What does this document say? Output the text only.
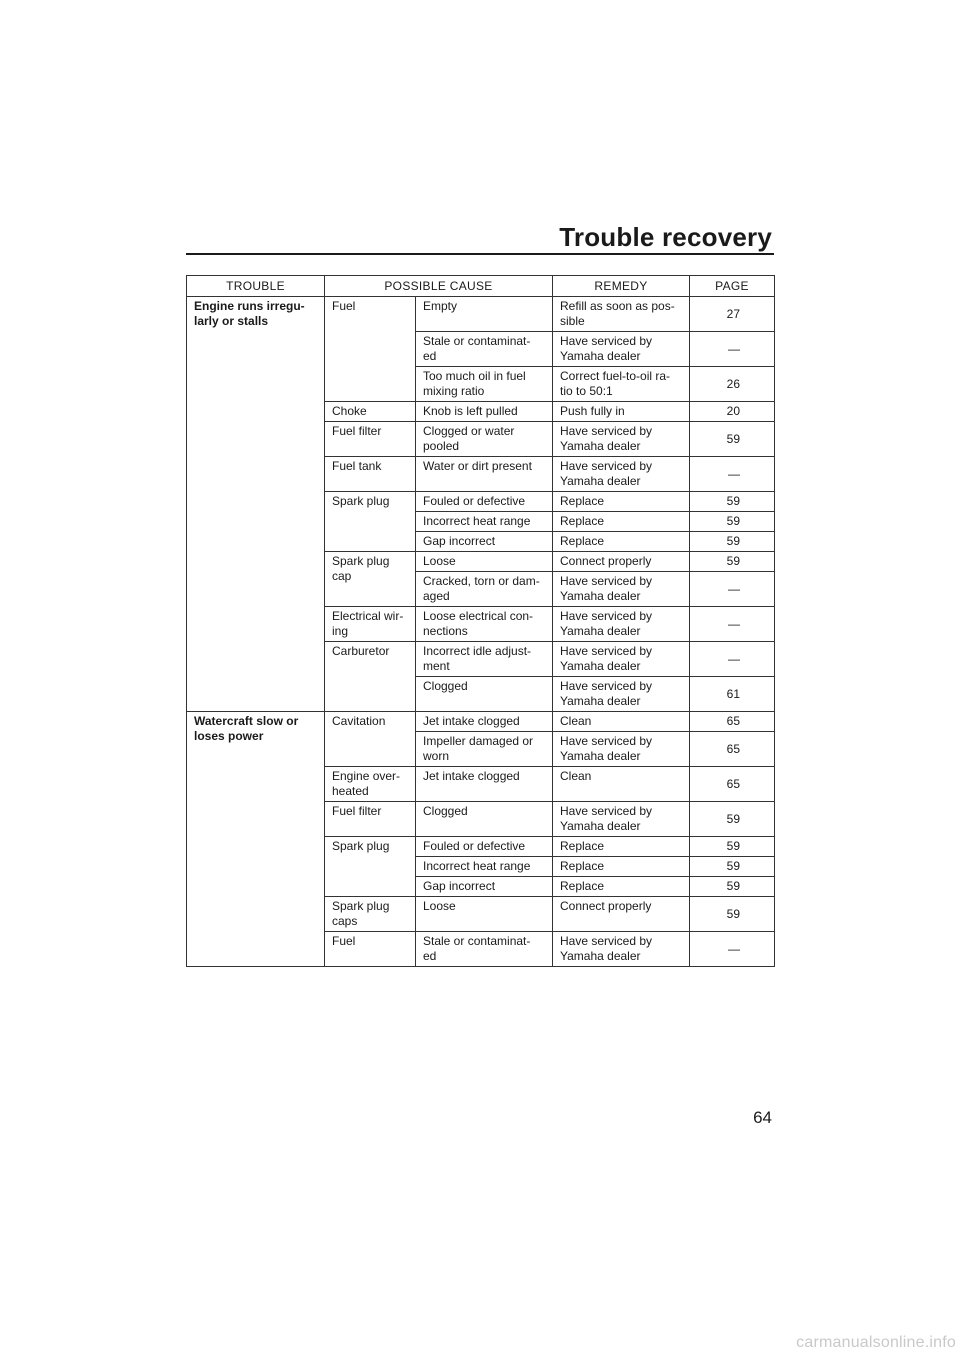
Trouble recovery
TROUBLE	POSSIBLE CAUSE		REMEDY	PAGE
Engine runs irregu- larly or stalls	Fuel	Empty	Refill as soon as pos- sible	27
		Stale or contaminat- ed	Have serviced by Yamaha dealer	—
		Too much oil in fuel mixing ratio	Correct fuel-to-oil ra- tio to 50:1	26
	Choke	Knob is left pulled	Push fully in	20
	Fuel filter	Clogged or water pooled	Have serviced by Yamaha dealer	59
	Fuel tank	Water or dirt present	Have serviced by Yamaha dealer	—
	Spark plug	Fouled or defective	Replace	59
		Incorrect heat range	Replace	59
		Gap incorrect	Replace	59
	Spark plug cap	Loose	Connect properly	59
		Cracked, torn or dam- aged	Have serviced by Yamaha dealer	—
	Electrical wir- ing	Loose electrical con- nections	Have serviced by Yamaha dealer	—
	Carburetor	Incorrect idle adjust- ment	Have serviced by Yamaha dealer	—
		Clogged	Have serviced by Yamaha dealer	61
Watercraft slow or loses power	Cavitation	Jet intake clogged	Clean	65
		Impeller damaged or worn	Have serviced by Yamaha dealer	65
	Engine over- heated	Jet intake clogged	Clean	65
	Fuel filter	Clogged	Have serviced by Yamaha dealer	59
	Spark plug	Fouled or defective	Replace	59
		Incorrect heat range	Replace	59
		Gap incorrect	Replace	59
	Spark plug caps	Loose	Connect properly	59
	Fuel	Stale or contaminat- ed	Have serviced by Yamaha dealer	—
64
carmanualsonline.info
